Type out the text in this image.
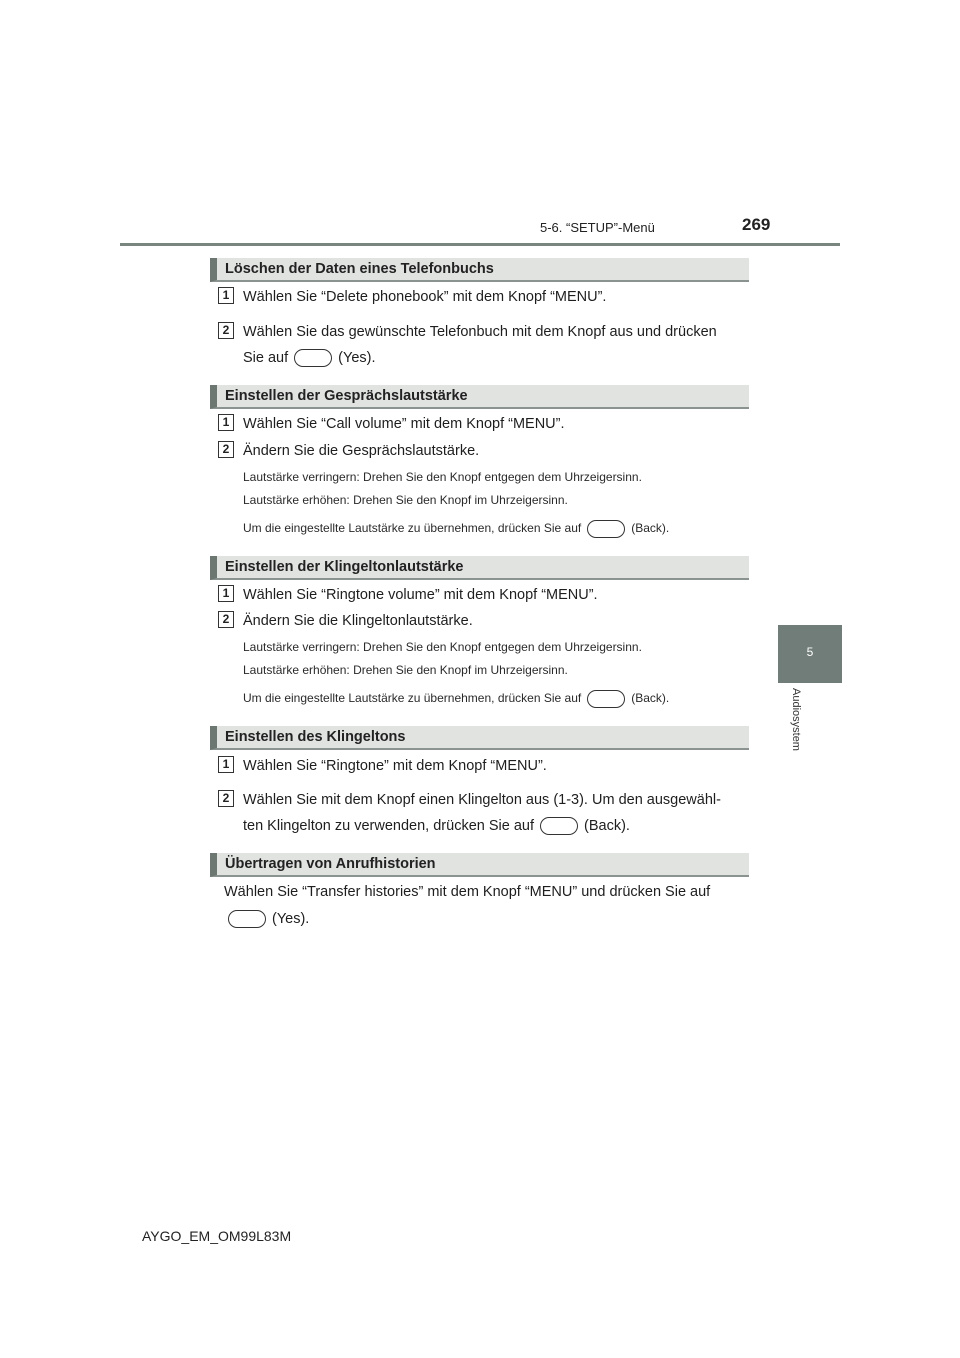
5-6. “SETUP”-Menü	269
5
Audiosystem
Löschen der Daten eines Telefonbuchs
1 Wählen Sie “Delete phonebook” mit dem Knopf “MENU”.
2 Wählen Sie das gewünschte Telefonbuch mit dem Knopf aus und drücken
Sie auf	(Yes).
Einstellen der Gesprächslautstärke
1 Wählen Sie “Call volume” mit dem Knopf “MENU”.
2 Ändern Sie die Gesprächslautstärke.
Lautstärke verringern: Drehen Sie den Knopf entgegen dem Uhrzeigersinn.
Lautstärke erhöhen: Drehen Sie den Knopf im Uhrzeigersinn.
Um die eingestellte Lautstärke zu übernehmen, drücken Sie auf	(Back).
Einstellen der Klingeltonlautstärke
1 Wählen Sie “Ringtone volume” mit dem Knopf “MENU”.
2 Ändern Sie die Klingeltonlautstärke.
Lautstärke verringern: Drehen Sie den Knopf entgegen dem Uhrzeigersinn.
Lautstärke erhöhen: Drehen Sie den Knopf im Uhrzeigersinn.
Um die eingestellte Lautstärke zu übernehmen, drücken Sie auf	(Back).
Einstellen des Klingeltons
1 Wählen Sie “Ringtone” mit dem Knopf “MENU”.
2 Wählen Sie mit dem Knopf einen Klingelton aus (1-3). Um den ausgewähl-
ten Klingelton zu verwenden, drücken Sie auf	(Back).
Übertragen von Anrufhistorien
Wählen Sie “Transfer histories” mit dem Knopf “MENU” und drücken Sie auf
(Yes).
AYGO_EM_OM99L83M
